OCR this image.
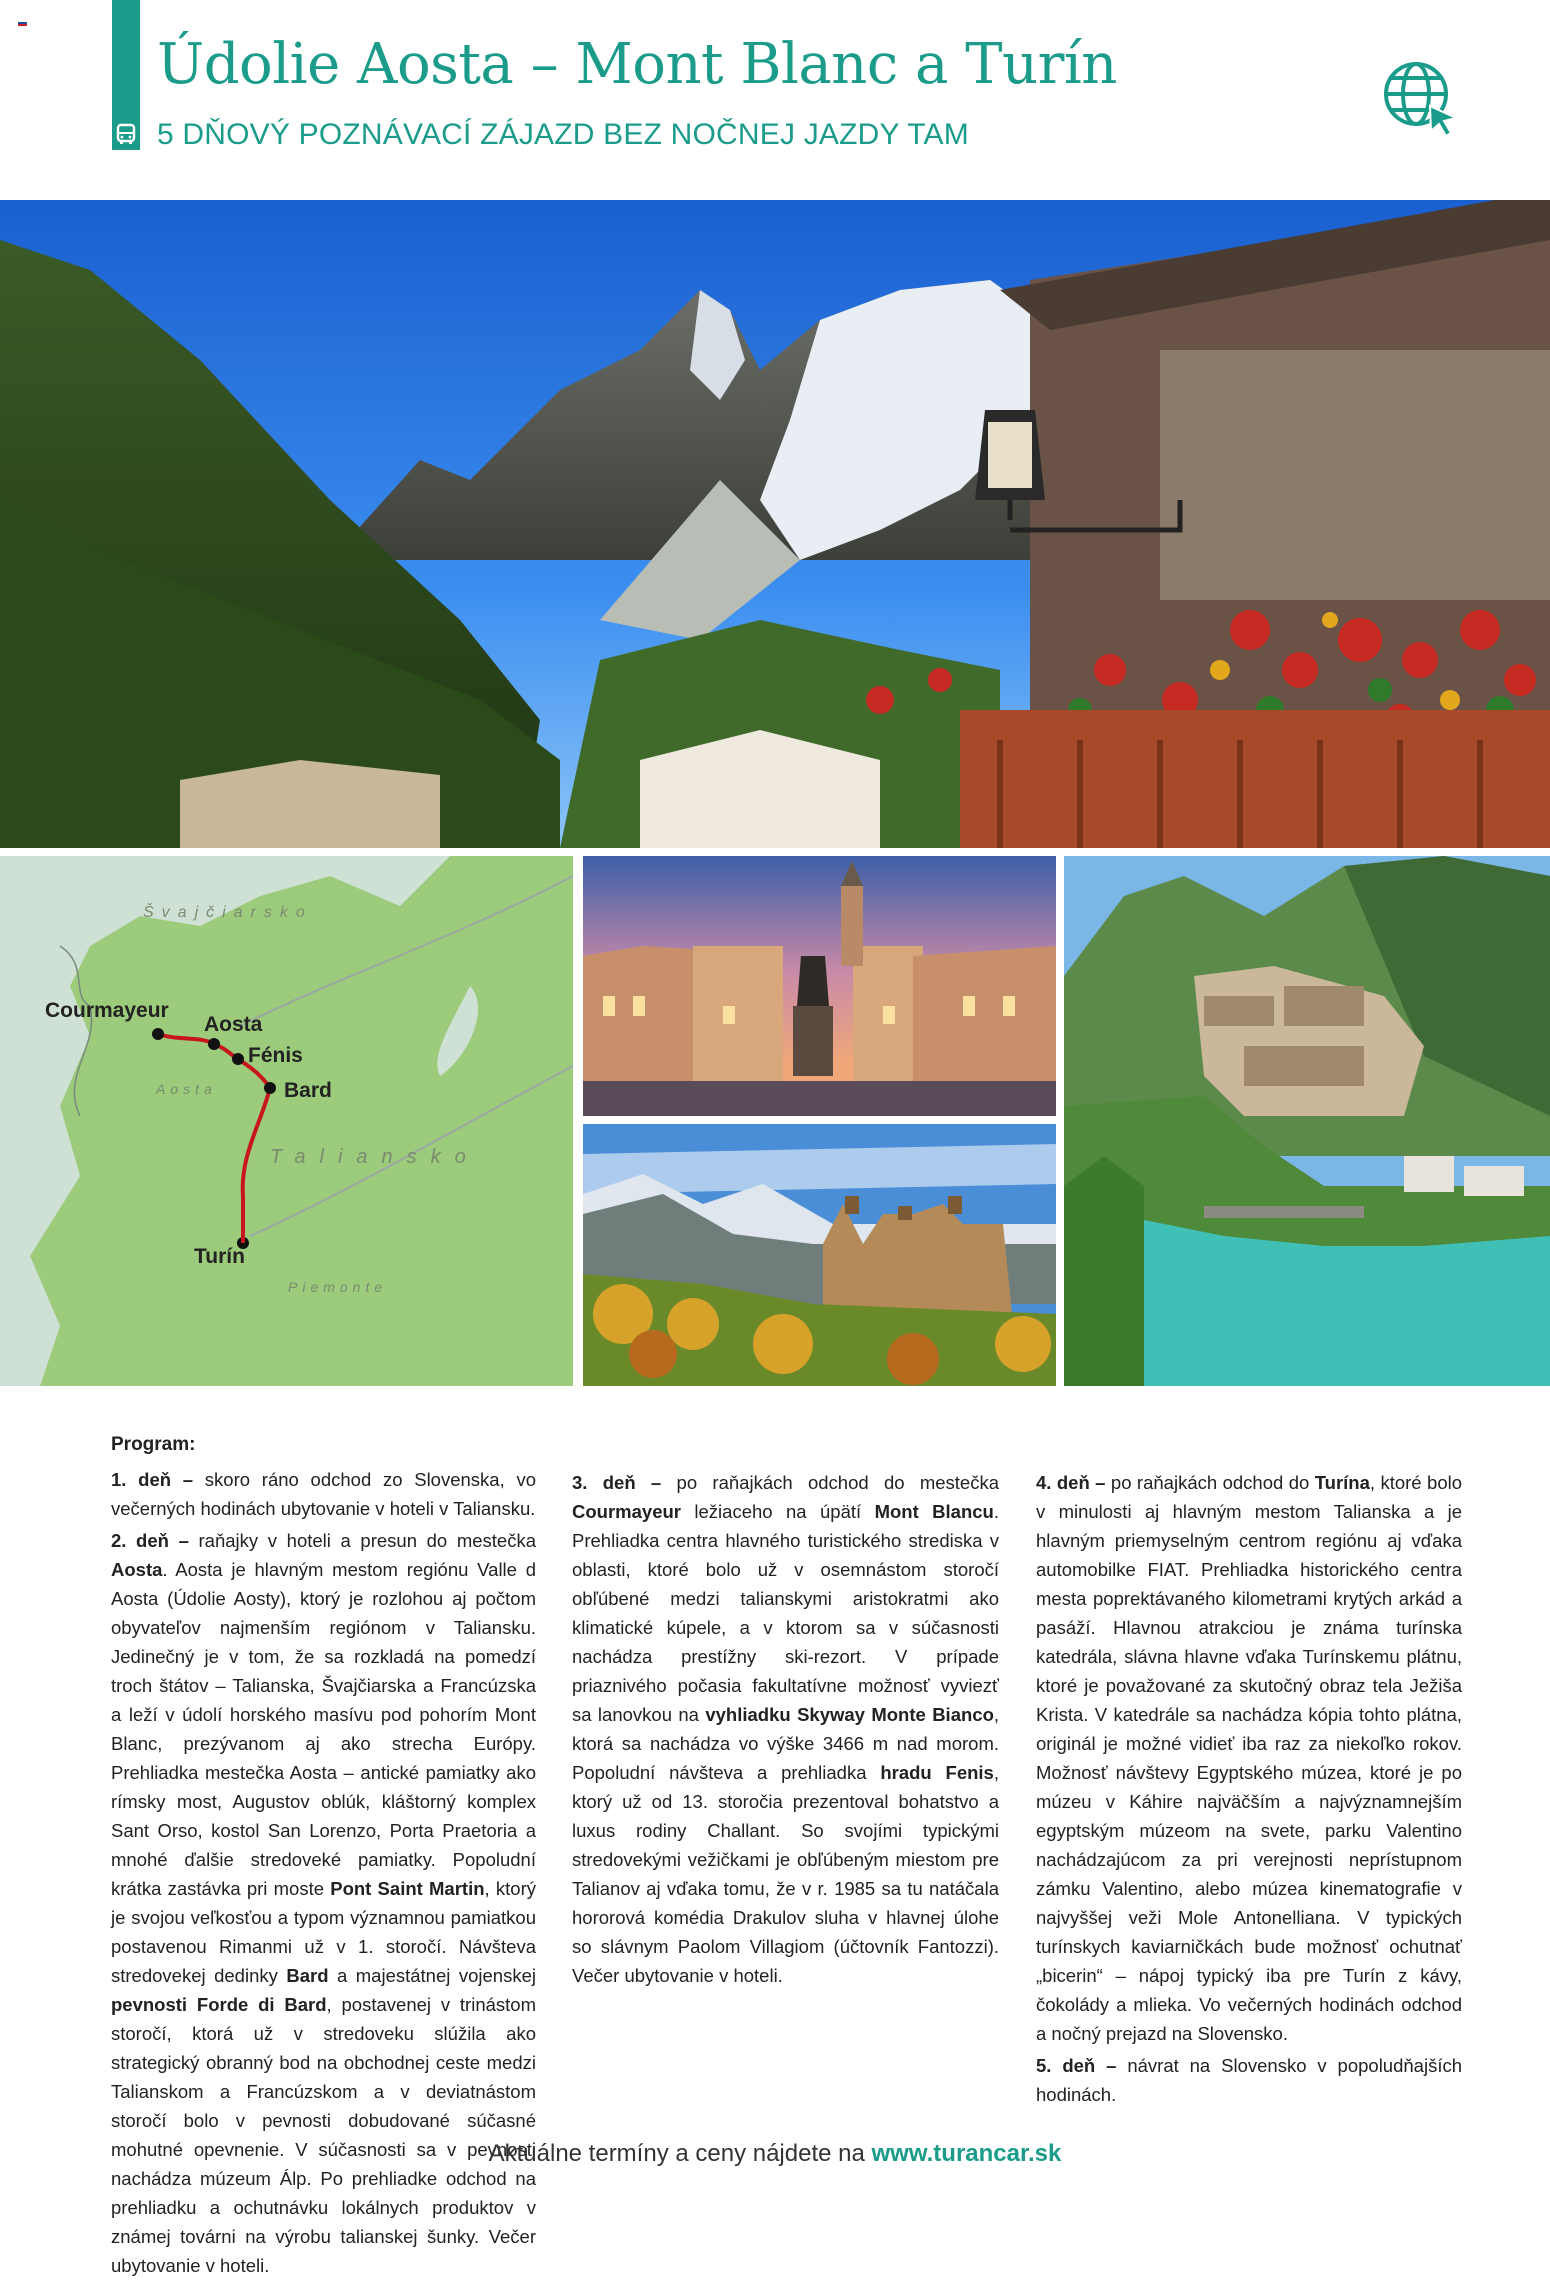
Údolie Aosta – Mont Blanc a Turín
5 DŇOVÝ POZNÁVACÍ ZÁJAZD BEZ NOČNEJ JAZDY TAM
Švajčiarsko
Courmayeur
Aosta
Fénis
Aosta	Bard
Taliansko
Turín
Piemonte

Program:

1. deň – skoro ráno odchod zo Slovenska, vo večerných hodinách ubytovanie v hoteli v Taliansku.

2. deň – raňajky v hoteli a presun do mestečka Aosta. Aosta je hlavným mestom regiónu Valle d Aosta (Údolie Aosty), ktorý je rozlohou aj počtom obyvateľov najmenším regiónom v Taliansku. Jedinečný je v tom, že sa rozkladá na pomedzí troch štátov – Talianska, Švajčiarska a Francúzska a leží v údolí horského masívu pod pohorím Mont Blanc, prezývanom aj ako strecha Európy. Prehliadka mestečka Aosta – antické pamiatky ako rímsky most, Augustov oblúk, kláštorný komplex Sant Orso, kostol San Lorenzo, Porta Praetoria a mnohé ďalšie stredoveké pamiatky. Popoludní krátka zastávka pri moste Pont Saint Martin, ktorý je svojou veľkosťou a typom významnou pamiatkou postavenou Rimanmi už v 1. storočí. Návšteva stredovekej dedinky Bard a majestátnej vojenskej pevnosti Forde di Bard, postavenej v trinástom storočí, ktorá už v stredoveku slúžila ako strategický obranný bod na obchodnej ceste medzi Talianskom a Francúzskom a v deviatnástom storočí bolo v pevnosti dobudované súčasné mohutné opevnenie. V súčasnosti sa v pevnosti nachádza múzeum Álp. Po prehliadke odchod na prehliadku a ochutnávku lokálnych produktov v známej továrni na výrobu talianskej šunky. Večer ubytovanie v hoteli.

3. deň – po raňajkách odchod do mestečka Courmayeur ležiaceho na úpätí Mont Blancu. Prehliadka centra hlavného turistického strediska v oblasti, ktoré bolo už v osemnástom storočí obľúbené medzi talianskymi aristokratmi ako klimatické kúpele, a v ktorom sa v súčasnosti nachádza prestížny ski-rezort. V prípade priaznivého počasia fakultatívne možnosť vyviezť sa lanovkou na vyhliadku Skyway Monte Bianco, ktorá sa nachádza vo výške 3466 m nad morom. Popoludní návšteva a prehliadka hradu Fenis, ktorý už od 13. storočia prezentoval bohatstvo a luxus rodiny Challant. So svojími typickými stredovekými vežičkami je obľúbeným miestom pre Talianov aj vďaka tomu, že v r. 1985 sa tu natáčala hororová komédia Drakulov sluha v hlavnej úlohe so slávnym Paolom Villagiom (účtovník Fantozzi). Večer ubytovanie v hoteli.

4. deň – po raňajkách odchod do Turína, ktoré bolo v minulosti aj hlavným mestom Talianska a je hlavným priemyselným centrom regiónu aj vďaka automobilke FIAT. Prehliadka historického centra mesta poprektávaného kilometrami krytých arkád a pasáží. Hlavnou atrakciou je známa turínska katedrála, slávna hlavne vďaka Turínskemu plátnu, ktoré je považované za skutočný obraz tela Ježiša Krista. V katedrále sa nachádza kópia tohto plátna, originál je možné vidieť iba raz za niekoľko rokov. Možnosť návštevy Egyptského múzea, ktoré je po múzeu v Káhire najväčším a najvýznamnejším egyptským múzeom na svete, parku Valentino nachádzajúcom za pri verejnosti neprístupnom zámku Valentino, alebo múzea kinematografie v najvyššej veži Mole Antonelliana. V typických turínskych kaviarničkách bude možnosť ochutnať „bicerin“ – nápoj typický iba pre Turín z kávy, čokolády a mlieka. Vo večerných hodinách odchod a nočný prejazd na Slovensko.

5. deň – návrat na Slovensko v popoludňajších hodinách.

Aktuálne termíny a ceny nájdete na www.turancar.sk
